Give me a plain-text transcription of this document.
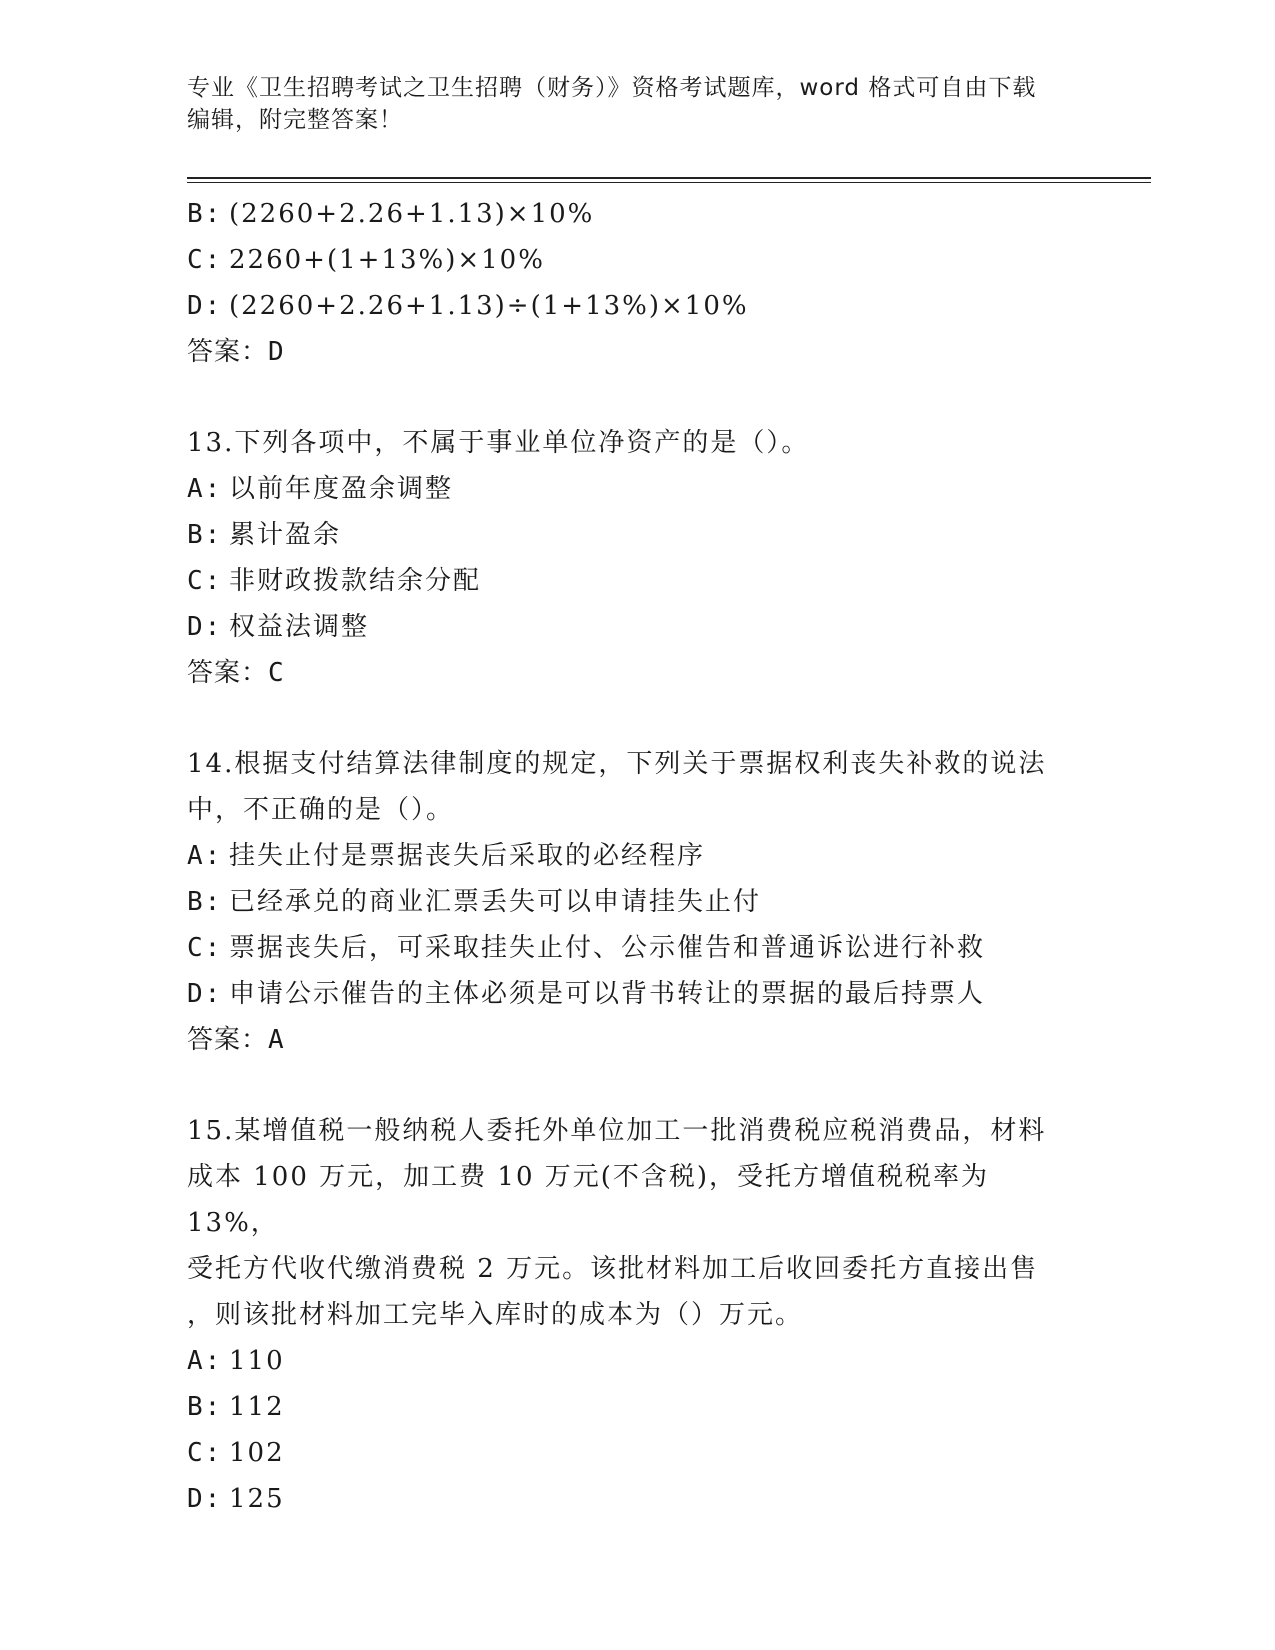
专业《卫生招聘考试之卫生招聘（财务）》资格考试题库，word 格式可自由下载
编辑，附完整答案！
B: (2260+2.26+1.13)×10%
C: 2260+(1+13%)×10%
D: (2260+2.26+1.13)÷(1+13%)×10%
答案：D
13.下列各项中，不属于事业单位净资产的是（）。
A: 以前年度盈余调整
B: 累计盈余
C: 非财政拨款结余分配
D: 权益法调整
答案：C
14.根据支付结算法律制度的规定，下列关于票据权利丧失补救的说法
中，不正确的是（）。
A: 挂失止付是票据丧失后采取的必经程序
B: 已经承兑的商业汇票丢失可以申请挂失止付
C: 票据丧失后，可采取挂失止付、公示催告和普通诉讼进行补救
D: 申请公示催告的主体必须是可以背书转让的票据的最后持票人
答案：A
15.某增值税一般纳税人委托外单位加工一批消费税应税消费品，材料
成本 100 万元，加工费 10 万元(不含税)，受托方增值税税率为 13%，
受托方代收代缴消费税 2 万元。该批材料加工后收回委托方直接出售
，则该批材料加工完毕入库时的成本为（）万元。
A: 110
B: 112
C: 102
D: 125
